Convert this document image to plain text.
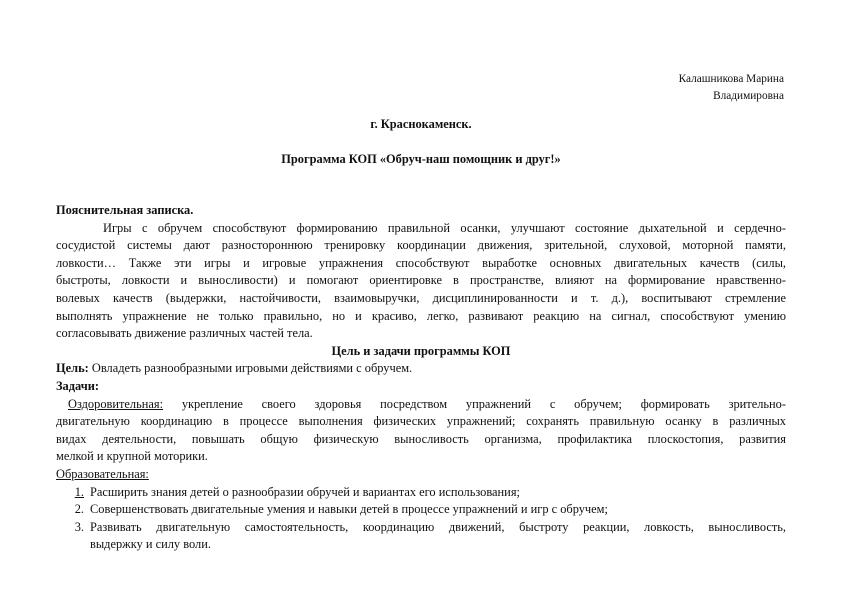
Калашникова Марина
Владимировна
г. Краснокаменск.
Программа КОП «Обруч-наш помощник и друг!»
Пояснительная записка.
Игры с обручем способствуют формированию правильной осанки, улучшают состояние дыхательной и сердечно-
сосудистой системы дают разностороннюю тренировку координации движения, зрительной, слуховой, моторной памяти,
ловкости… Также эти игры и игровые упражнения способствуют выработке основных двигательных качеств (силы,
быстроты, ловкости и выносливости) и помогают ориентировке в пространстве, влияют на формирование нравственно-
волевых качеств (выдержки, настойчивости, взаимовыручки, дисциплинированности и т. д.), воспитывают стремление
выполнять упражнение не только правильно, но и красиво, легко, развивают реакцию на сигнал, способствуют умению
согласовывать движение различных частей тела.
Цель и задачи программы КОП
Цель: Овладеть разнообразными игровыми действиями с обручем.
Задачи:
Оздоровительная: укрепление своего здоровья посредством упражнений с обручем; формировать зрительно-
двигательную координацию в процессе выполнения физических упражнений; сохранять правильную осанку в различных
видах деятельности, повышать общую физическую выносливость организма, профилактика плоскостопия, развития
мелкой и крупной моторики.
Образовательная:
1. Расширить знания детей о разнообразии обручей и вариантах его использования;
2. Совершенствовать двигательные умения и навыки детей в процессе упражнений и игр с обручем;
3. Развивать двигательную самостоятельность, координацию движений, быстроту реакции, ловкость, выносливость,
выдержку и силу воли.
